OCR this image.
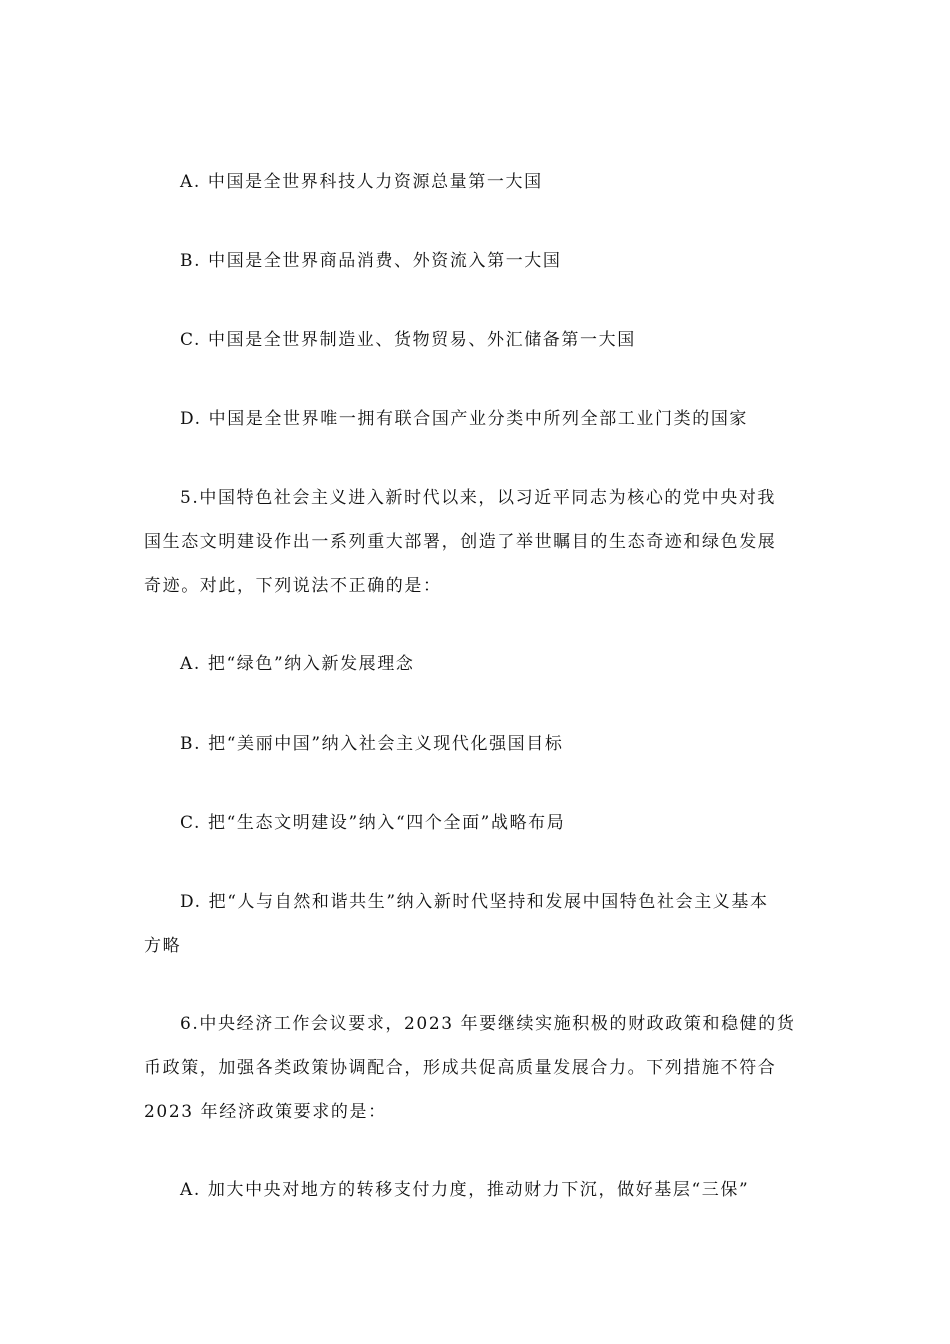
A. 中国是全世界科技人力资源总量第一大国
B. 中国是全世界商品消费、外资流入第一大国
C. 中国是全世界制造业、货物贸易、外汇储备第一大国
D. 中国是全世界唯一拥有联合国产业分类中所列全部工业门类的国家
5.中国特色社会主义进入新时代以来，以习近平同志为核心的党中央对我
国生态文明建设作出一系列重大部署，创造了举世瞩目的生态奇迹和绿色发展
奇迹。对此，下列说法不正确的是：
A. 把“绿色”纳入新发展理念
B. 把“美丽中国”纳入社会主义现代化强国目标
C. 把“生态文明建设”纳入“四个全面”战略布局
D. 把“人与自然和谐共生”纳入新时代坚持和发展中国特色社会主义基本
方略
6.中央经济工作会议要求，2023 年要继续实施积极的财政政策和稳健的货
币政策，加强各类政策协调配合，形成共促高质量发展合力。下列措施不符合
2023 年经济政策要求的是：
A. 加大中央对地方的转移支付力度，推动财力下沉，做好基层“三保”
